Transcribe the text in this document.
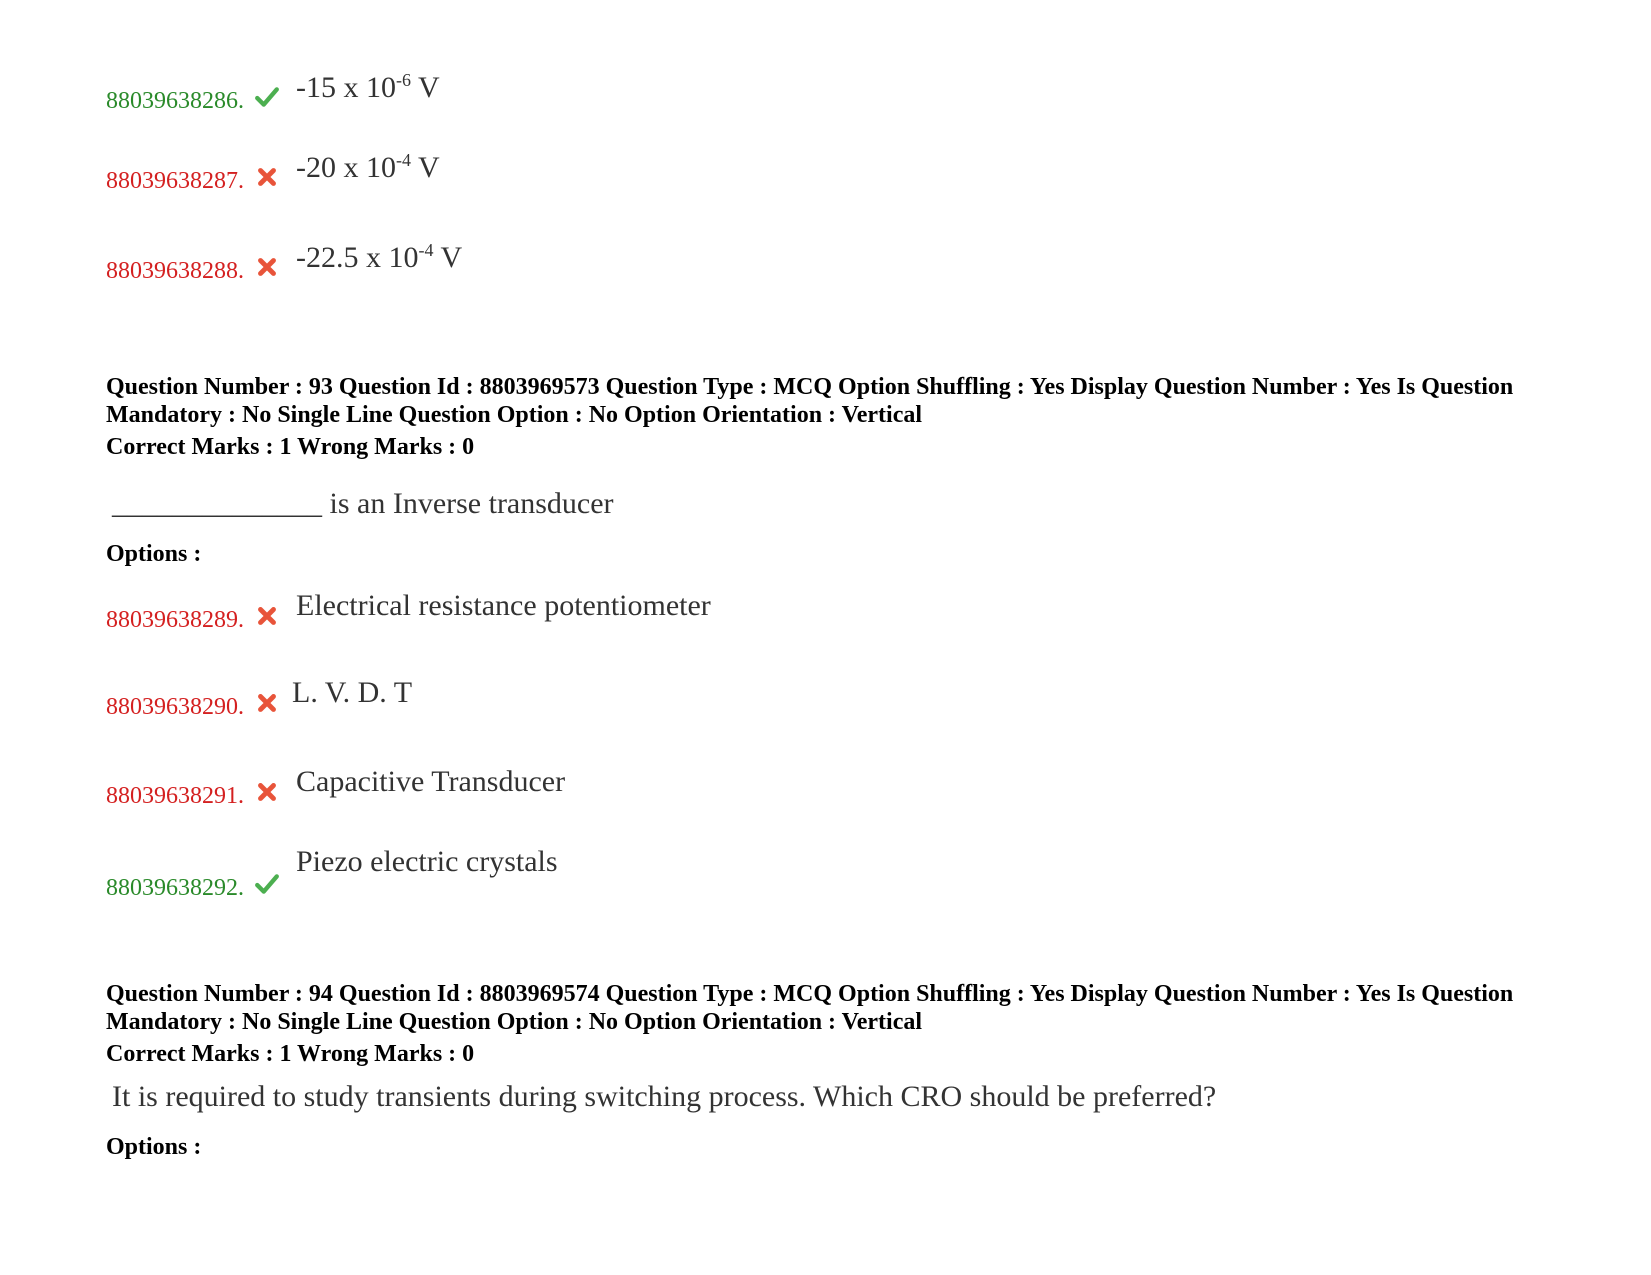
88039638286. -15 x $10^{-6}$ V
88039638287. -20 x $10^{-4}$ V
88039638288. -22.5 x $10^{-4}$ V
Question Number : 93 Question Id : 8803969573 Question Type : MCQ Option Shuffling : Yes Display Question Number : Yes Is Question Mandatory : No Single Line Question Option : No Option Orientation : Vertical
Correct Marks : 1 Wrong Marks : 0
______________ is an Inverse transducer
Options :
88039638289. Electrical resistance potentiometer
88039638290. L. V. D. T
88039638291. Capacitive Transducer
88039638292.
Piezo electric crystals
Question Number : 94 Question Id : 8803969574 Question Type : MCQ Option Shuffling : Yes Display Question Number : Yes Is Question Mandatory : No Single Line Question Option : No Option Orientation : Vertical
Correct Marks : 1 Wrong Marks : 0
It is required to study transients during switching process. Which CRO should be preferred?
Options :
